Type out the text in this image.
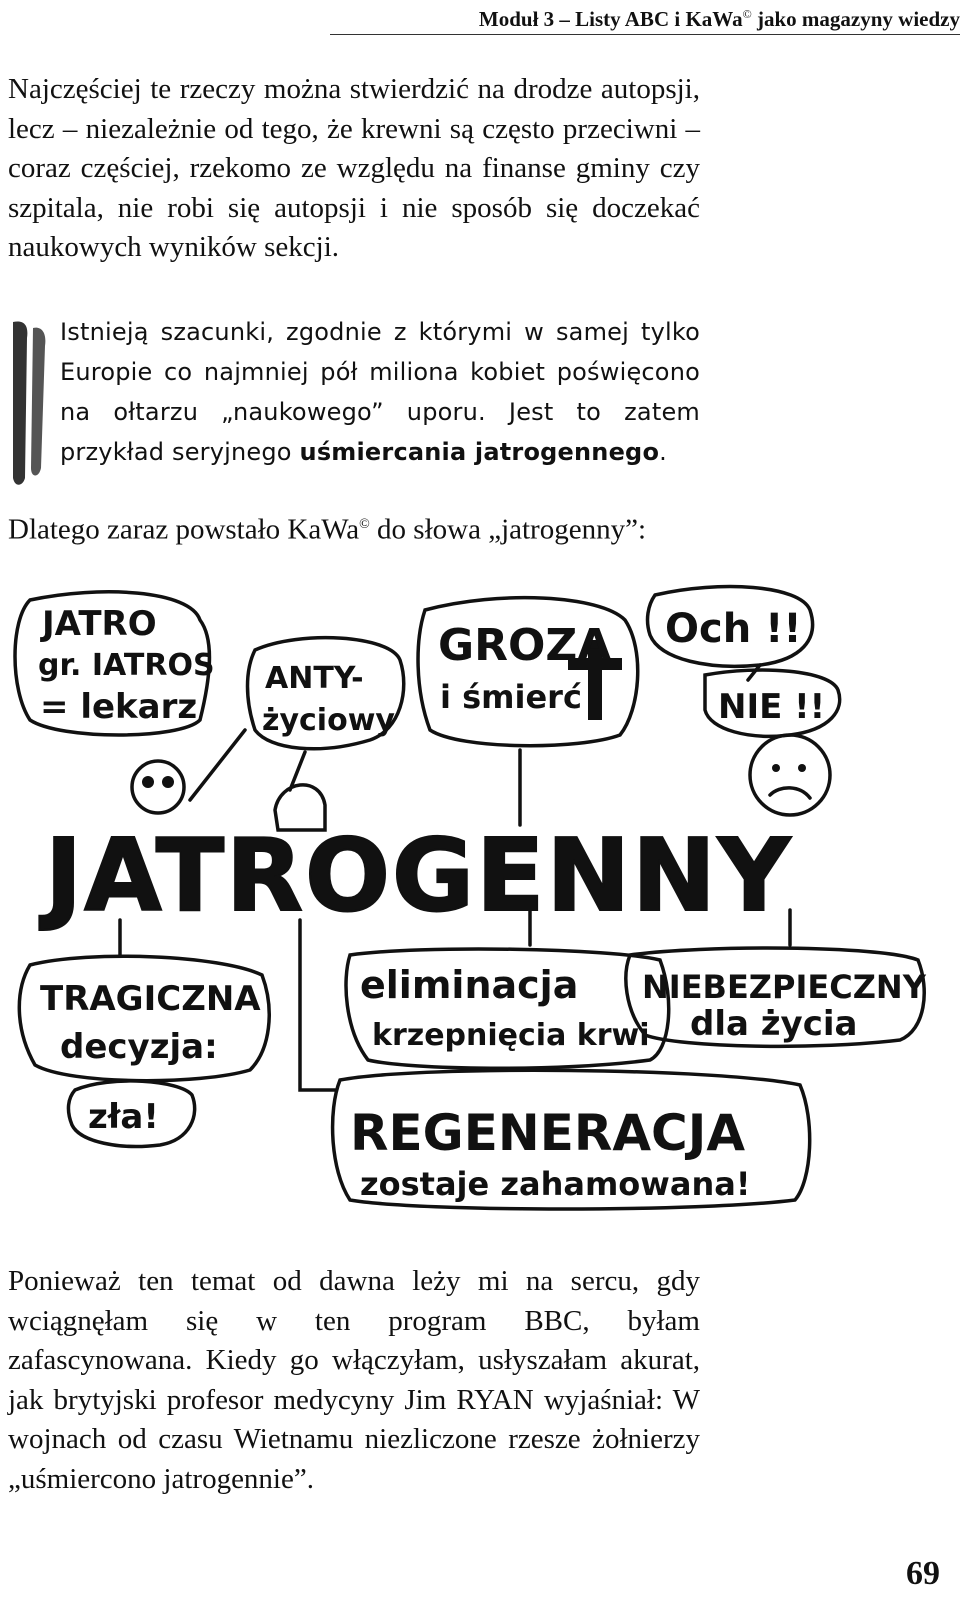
Moduł 3 – Listy ABC i KaWa© jako magazyny wiedzy
Najczęściej te rzeczy można stwierdzić na drodze autopsji, lecz – niezależnie od tego, że krewni są często przeciwni – coraz częściej, rzekomo ze względu na finanse gminy czy szpitala, nie robi się autopsji i nie sposób się doczekać naukowych wyników sekcji.
Istnieją szacunki, zgodnie z którymi w samej tylko Europie co najmniej pół miliona kobiet poświęcono na ołtarzu „naukowego” uporu. Jest to zatem przykład seryjnego uśmiercania jatrogennego.
Dlatego zaraz powstało KaWa© do słowa „jatrogenny”:
JATRO
gr. IATROS
= lekarz
ANTY-
życiowy
GROZA
i śmierć
Och !!
NIE !!
JATROGENNY
TRAGICZNA
decyzja:
zła!
eliminacja
krzepnięcia krwi
NIEBEZPIECZNY
dla życia
REGENERACJA
zostaje zahamowana!
Ponieważ ten temat od dawna leży mi na sercu, gdy wciągnęłam się w ten program BBC, byłam zafascynowana. Kiedy go włączyłam, usłyszałam akurat, jak brytyjski profesor medycyny Jim RYAN wyjaśniał: W wojnach od czasu Wietnamu niezliczone rzesze żołnierzy „uśmiercono jatrogennie”.
69
